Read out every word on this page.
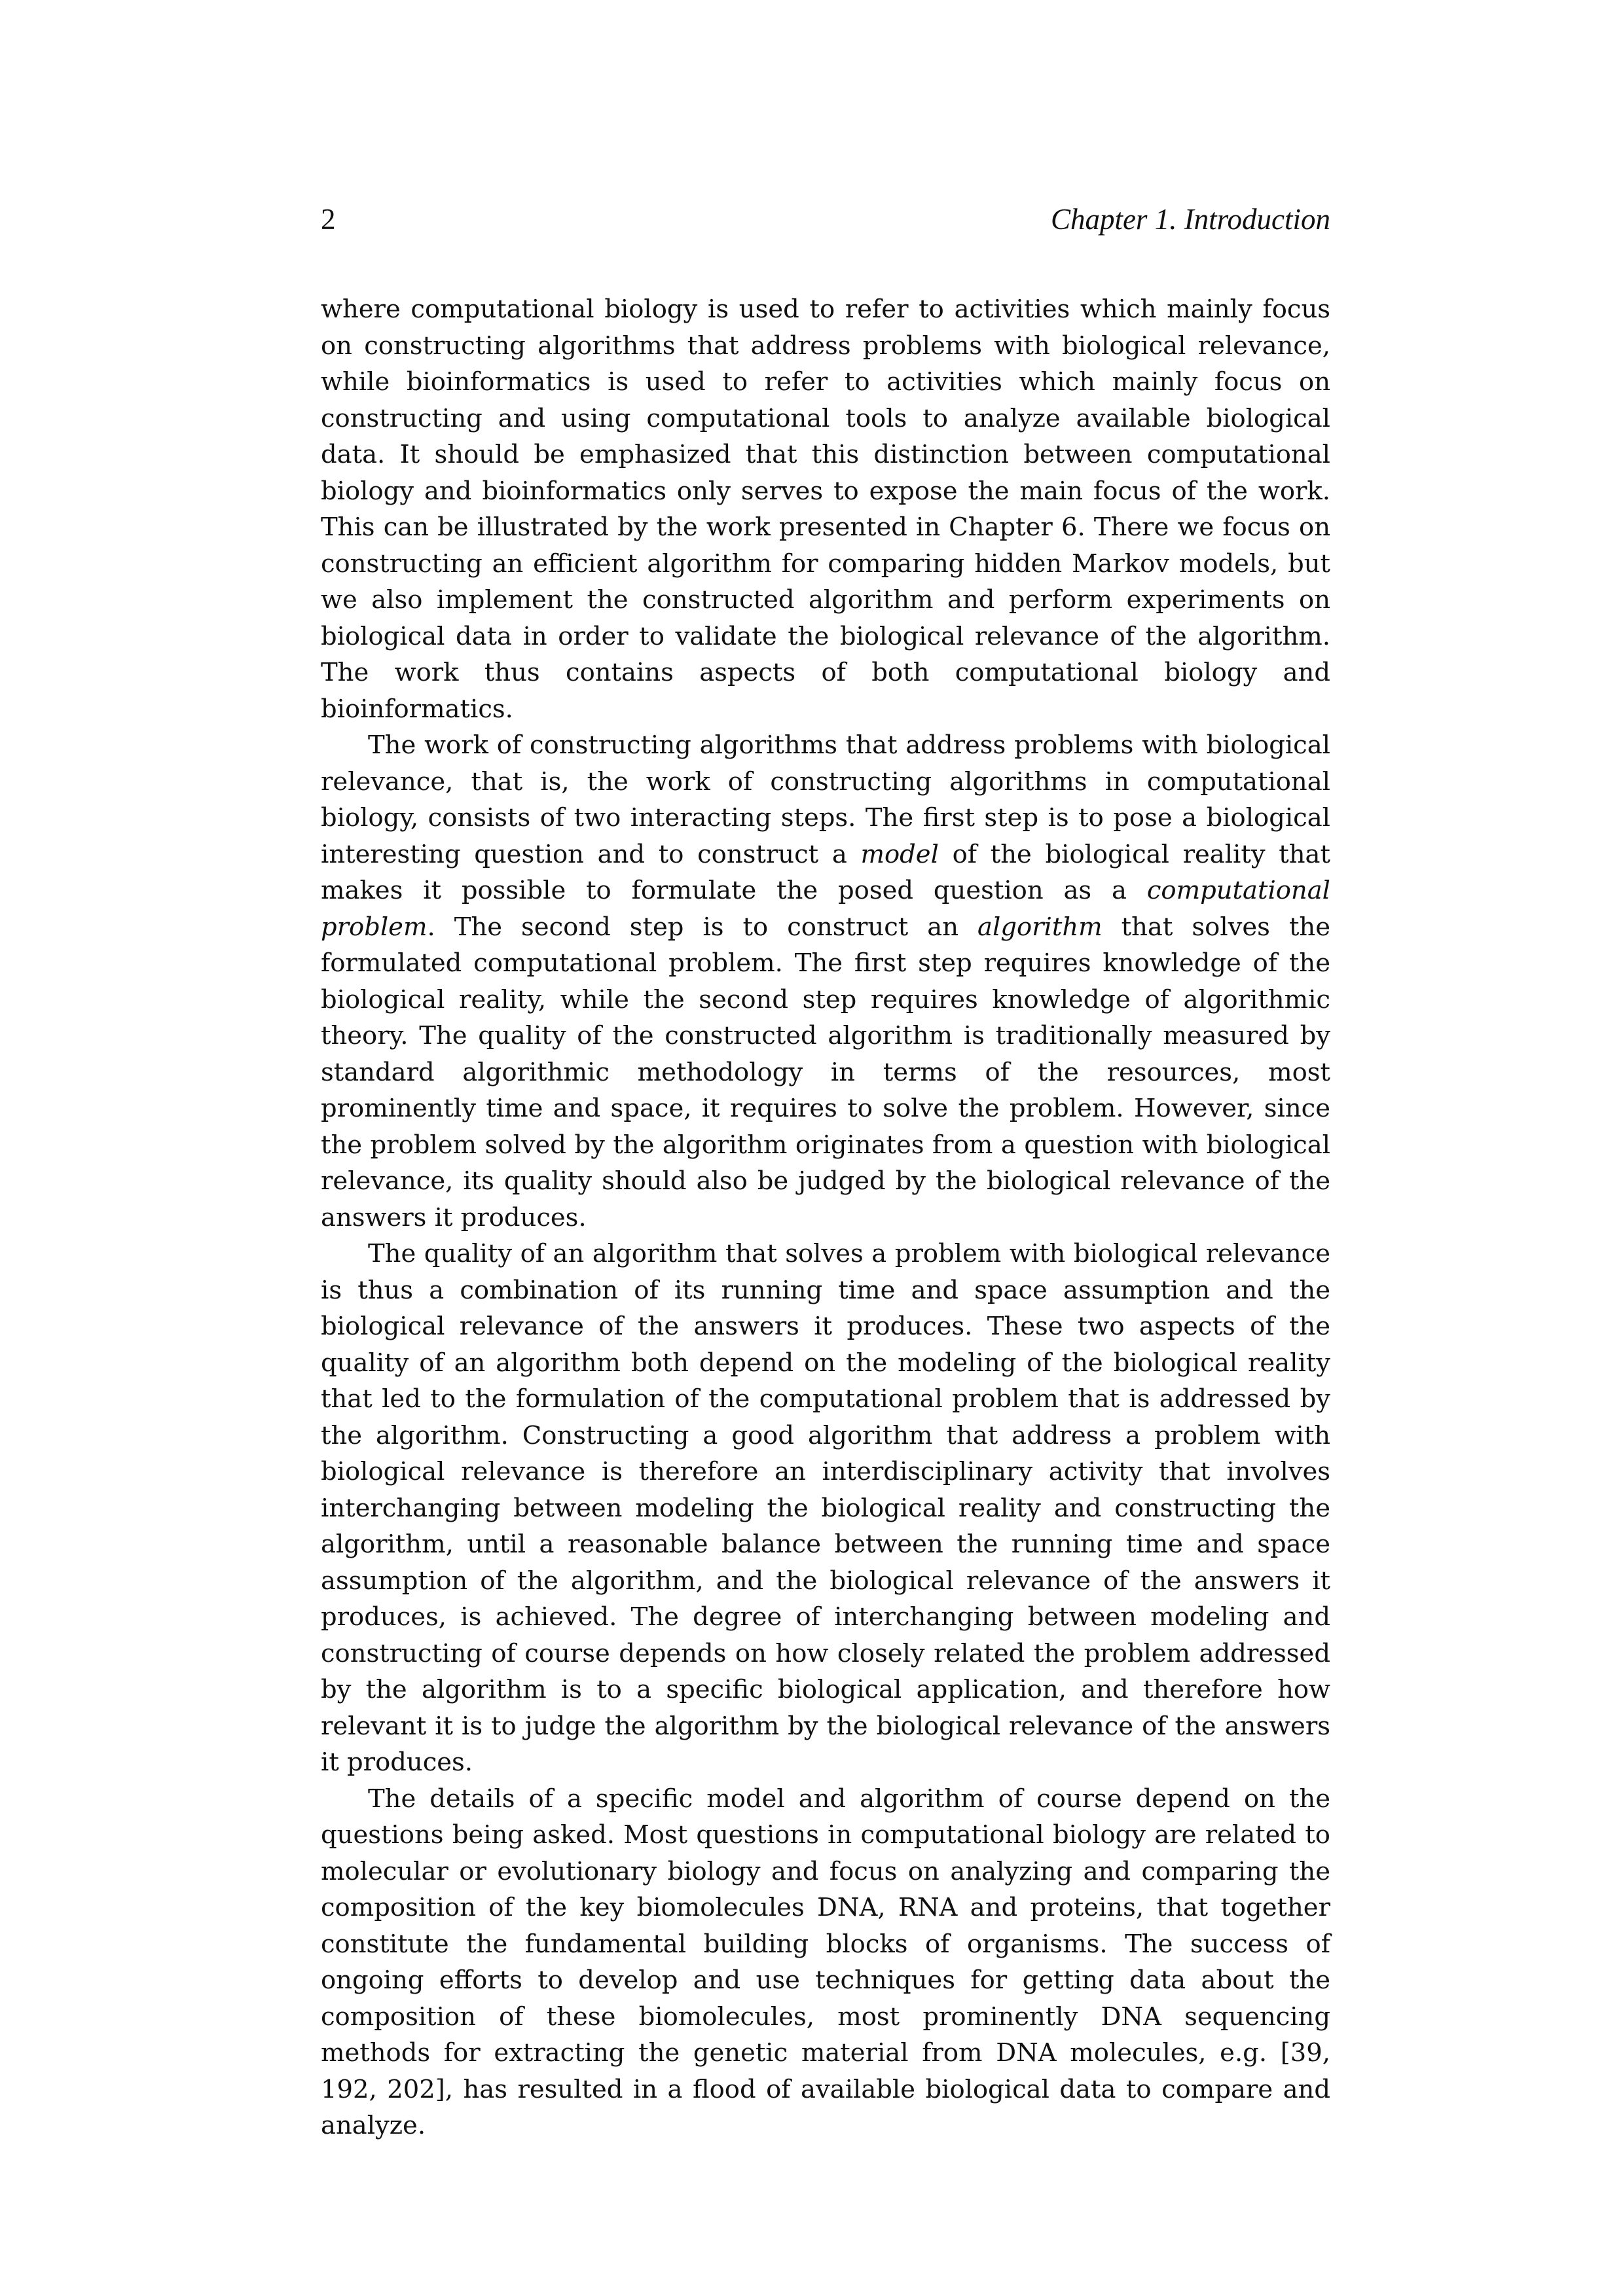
2	Chapter 1. Introduction

where computational biology is used to refer to activities which mainly focus on constructing algorithms that address problems with biological relevance, while bioinformatics is used to refer to activities which mainly focus on constructing and using computational tools to analyze available biological data. It should be emphasized that this distinction between computational biology and bioinformatics only serves to expose the main focus of the work. This can be illustrated by the work presented in Chapter 6. There we focus on constructing an efficient algorithm for comparing hidden Markov models, but we also implement the constructed algorithm and perform experiments on biological data in order to validate the biological relevance of the algorithm. The work thus contains aspects of both computational biology and bioinformatics.

The work of constructing algorithms that address problems with biological relevance, that is, the work of constructing algorithms in computational biology, consists of two interacting steps. The first step is to pose a biological interesting question and to construct a model of the biological reality that makes it possible to formulate the posed question as a computational problem. The second step is to construct an algorithm that solves the formulated computational problem. The first step requires knowledge of the biological reality, while the second step requires knowledge of algorithmic theory. The quality of the constructed algorithm is traditionally measured by standard algorithmic methodology in terms of the resources, most prominently time and space, it requires to solve the problem. However, since the problem solved by the algorithm originates from a question with biological relevance, its quality should also be judged by the biological relevance of the answers it produces.

The quality of an algorithm that solves a problem with biological relevance is thus a combination of its running time and space assumption and the biological relevance of the answers it produces. These two aspects of the quality of an algorithm both depend on the modeling of the biological reality that led to the formulation of the computational problem that is addressed by the algorithm. Constructing a good algorithm that address a problem with biological relevance is therefore an interdisciplinary activity that involves interchanging between modeling the biological reality and constructing the algorithm, until a reasonable balance between the running time and space assumption of the algorithm, and the biological relevance of the answers it produces, is achieved. The degree of interchanging between modeling and constructing of course depends on how closely related the problem addressed by the algorithm is to a specific biological application, and therefore how relevant it is to judge the algorithm by the biological relevance of the answers it produces.

The details of a specific model and algorithm of course depend on the questions being asked. Most questions in computational biology are related to molecular or evolutionary biology and focus on analyzing and comparing the composition of the key biomolecules DNA, RNA and proteins, that together constitute the fundamental building blocks of organisms. The success of ongoing efforts to develop and use techniques for getting data about the composition of these biomolecules, most prominently DNA sequencing methods for extracting the genetic material from DNA molecules, e.g. [39, 192, 202], has resulted in a flood of available biological data to compare and analyze.
